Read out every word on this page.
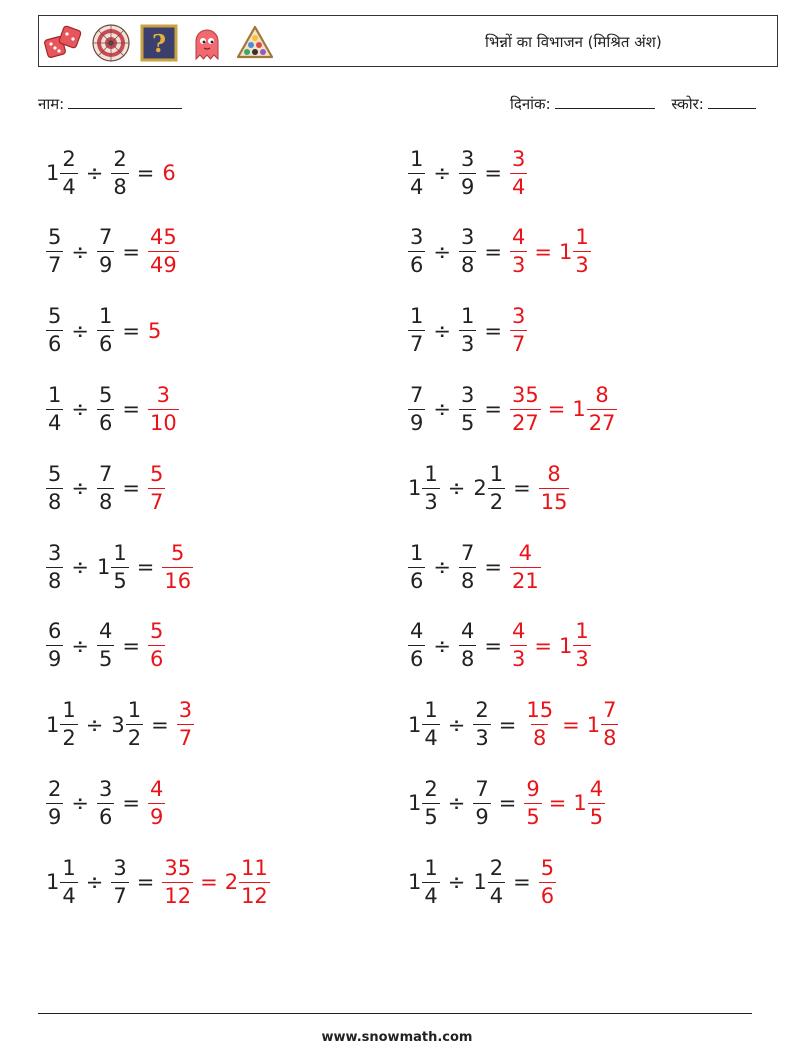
?	भिन्नों का विभाजन (मिश्रित अंश)
नाम:	दिनांक:	स्कोर:
$1 \frac{2}{4} \div \frac{2}{8} = 6$	$\frac{1}{4} \div \frac{3}{9} = \frac{3}{4}$
$\frac{5}{7} \div \frac{7}{9} = \frac{45}{49}$	$\frac{3}{6} \div \frac{3}{8} = \frac{4}{3} = 1 \frac{1}{3}$
$\frac{5}{6} \div \frac{1}{6} = 5$	$\frac{1}{7} \div \frac{1}{3} = \frac{3}{7}$
$\frac{1}{4} \div \frac{5}{6} = \frac{3}{10}$	$\frac{7}{9} \div \frac{3}{5} = \frac{35}{27} = 1 \frac{8}{27}$
$\frac{5}{8} \div \frac{7}{8} = \frac{5}{7}$	$1 \frac{1}{3} \div 2 \frac{1}{2} = \frac{8}{15}$
$\frac{3}{8} \div 1 \frac{1}{5} = \frac{5}{16}$	$\frac{1}{6} \div \frac{7}{8} = \frac{4}{21}$
$\frac{6}{9} \div \frac{4}{5} = \frac{5}{6}$	$\frac{4}{6} \div \frac{4}{8} = \frac{4}{3} = 1 \frac{1}{3}$
$1 \frac{1}{2} \div 3 \frac{1}{2} = \frac{3}{7}$	$1 \frac{1}{4} \div \frac{2}{3} = \frac{15}{8} = 1 \frac{7}{8}$
$\frac{2}{9} \div \frac{3}{6} = \frac{4}{9}$	$1 \frac{2}{5} \div \frac{7}{9} = \frac{9}{5} = 1 \frac{4}{5}$
$1 \frac{1}{4} \div \frac{3}{7} = \frac{35}{12} = 2 \frac{11}{12}$	$1 \frac{1}{4} \div 1 \frac{2}{4} = \frac{5}{6}$
www.snowmath.com
